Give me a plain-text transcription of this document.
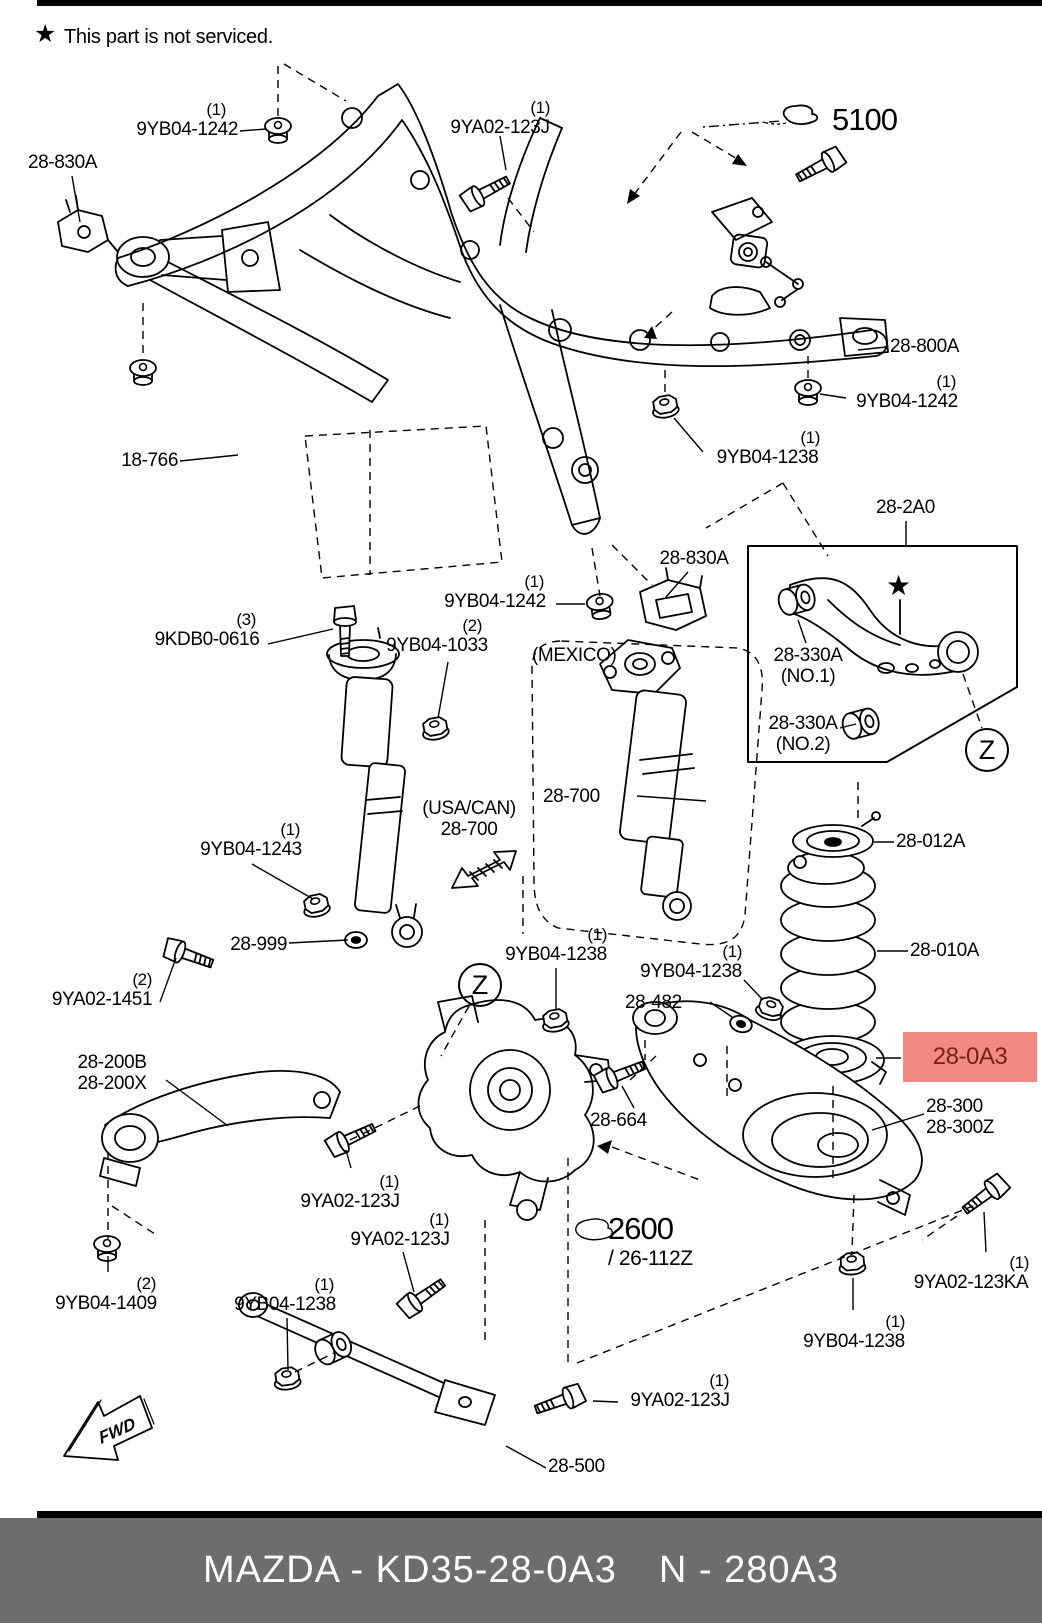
FWD
★ This part is not serviced.
(1)
9YB04-1242
28-830A
(1)
9YA02-123J	5100
28-800A
(1)
9YB04-1242
(1)
9YB04-1238
18-766
(3)
9KDB0-0616
(1)
9YB04-1242
28-830A
(2)
9YB04-1033 (MEXICO)
28-2A0
28-330A
(NO.1)
28-330A
(NO.2)
28-700
(USA/CAN)
28-700
(1)
9YB04-1243
28-999
28-012A
28-010A
(1)
9YB04-1238	(1)
9YB04-1238
28-482
(2)
9YA02-1451
28-200B
28-200X
28-0A3
28-300
28-300Z
28-664
(1)
9YA02-123KA
(1)
9YB04-1238
(1)
9YA02-123J
(1)
9YA02-123J
(1)
9YB04-1238
(2)
9YB04-1409
2600
/ 26-112Z
(1)
9YA02-123J
28-500
Z
Z
★
MAZDA - KD35-28-0A3 N - 280A3
